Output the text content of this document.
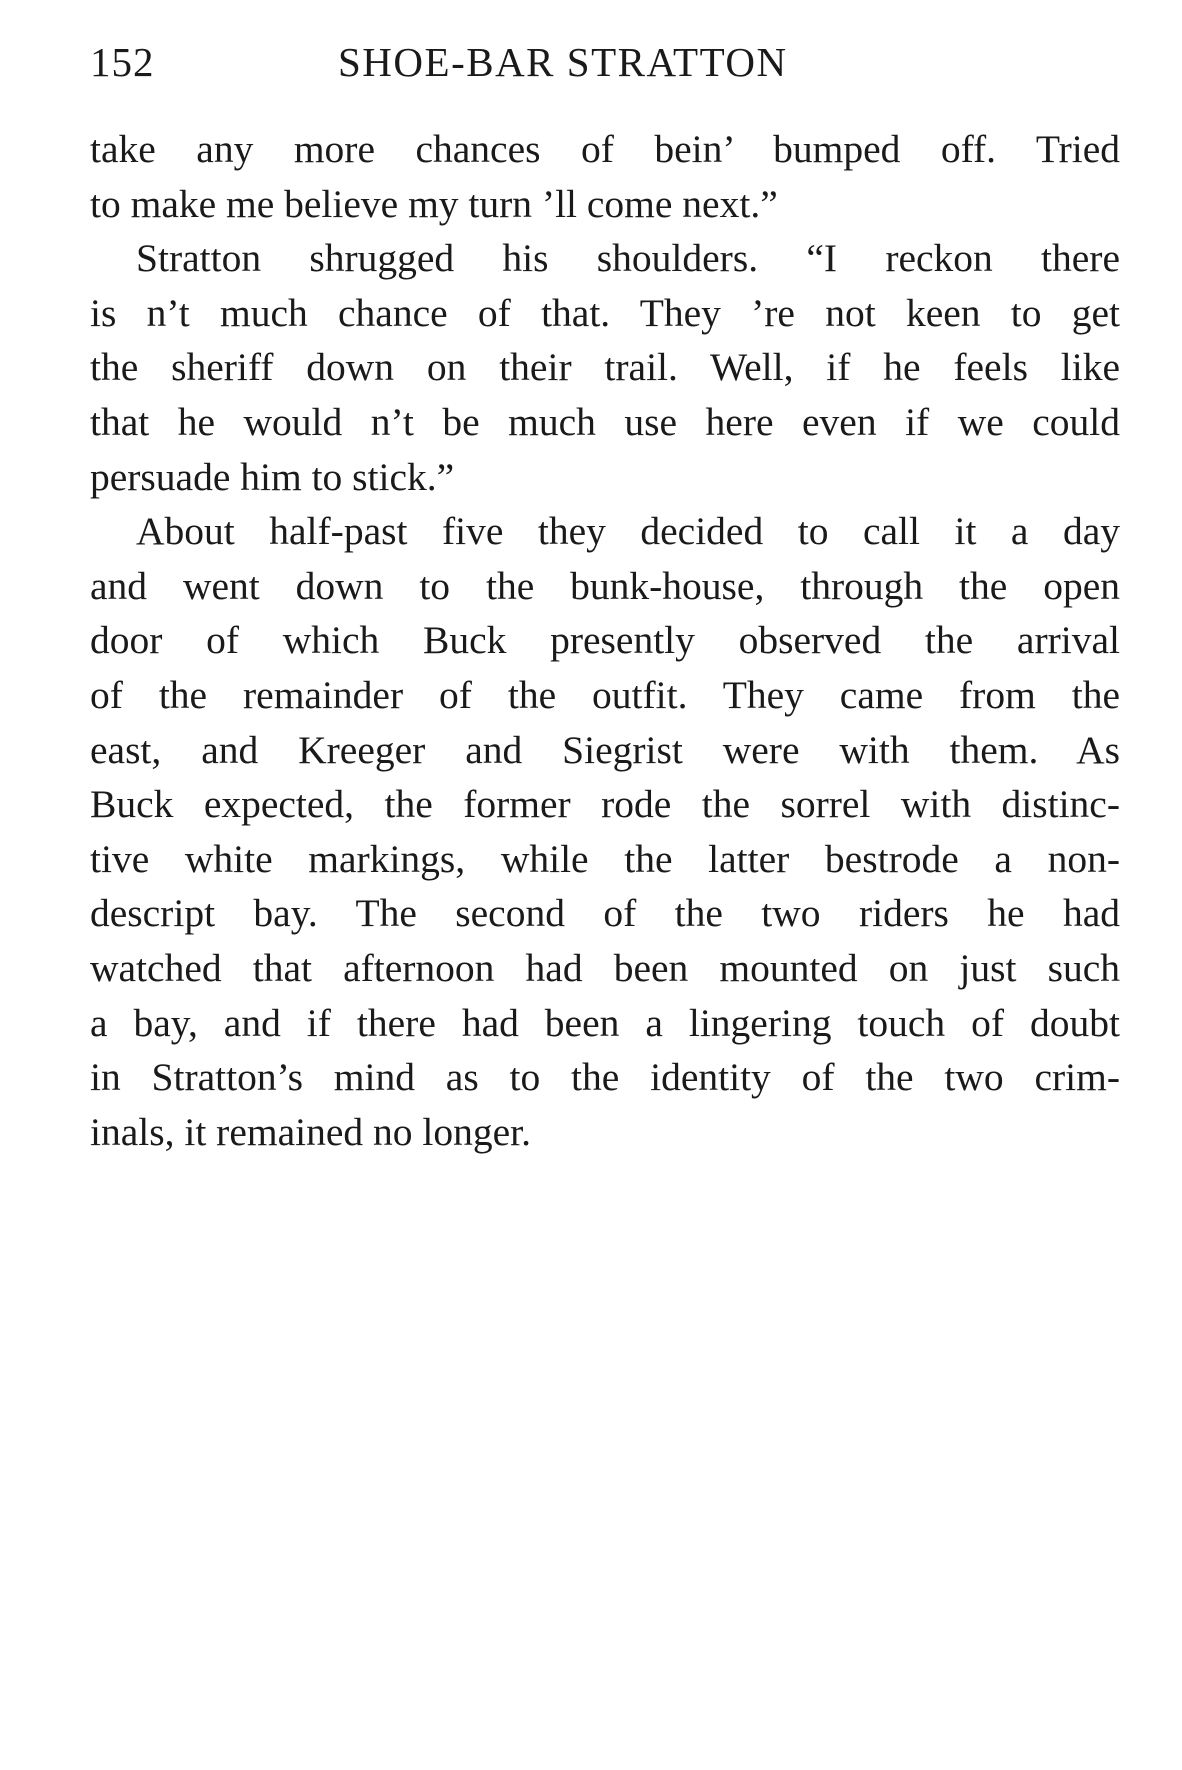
152	SHOE-BAR STRATTON
take any more chances of bein’ bumped off. Tried
to make me believe my turn ’ll come next.”
Stratton shrugged his shoulders. “I reckon there
is n’t much chance of that. They ’re not keen to get
the sheriff down on their trail. Well, if he feels like
that he would n’t be much use here even if we could
persuade him to stick.”
About half-past five they decided to call it a day
and went down to the bunk-house, through the open
door of which Buck presently observed the arrival
of the remainder of the outfit. They came from the
east, and Kreeger and Siegrist were with them. As
Buck expected, the former rode the sorrel with distinc-
tive white markings, while the latter bestrode a non-
descript bay. The second of the two riders he had
watched that afternoon had been mounted on just such
a bay, and if there had been a lingering touch of doubt
in Stratton’s mind as to the identity of the two crim-
inals, it remained no longer.
